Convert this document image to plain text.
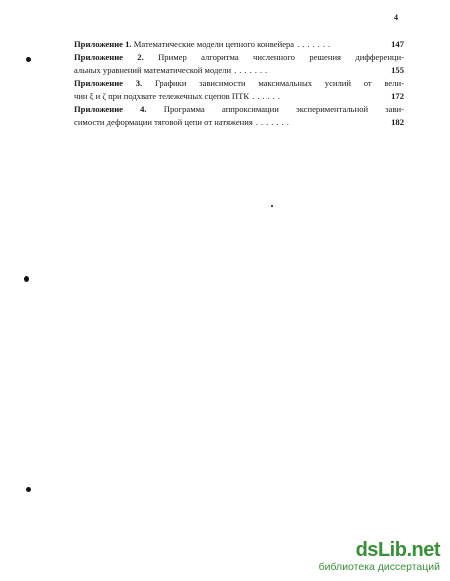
4
Приложение 1. Математические модели цепного конвейера .......	147
Приложение 2. Пример алгоритма численного решения дифференци-
альных уравнений математической модели .......	155
Приложение 3. Графики зависимости максимальных усилий от вели-
чин ξ и ζ при подхвате тележечных сцепов ПТК ......	172
Приложение 4. Программа аппроксимации экспериментальной зави-
симости деформации тяговой цепи от натяжения .......	182
dsLib.net
библиотека диссертаций
